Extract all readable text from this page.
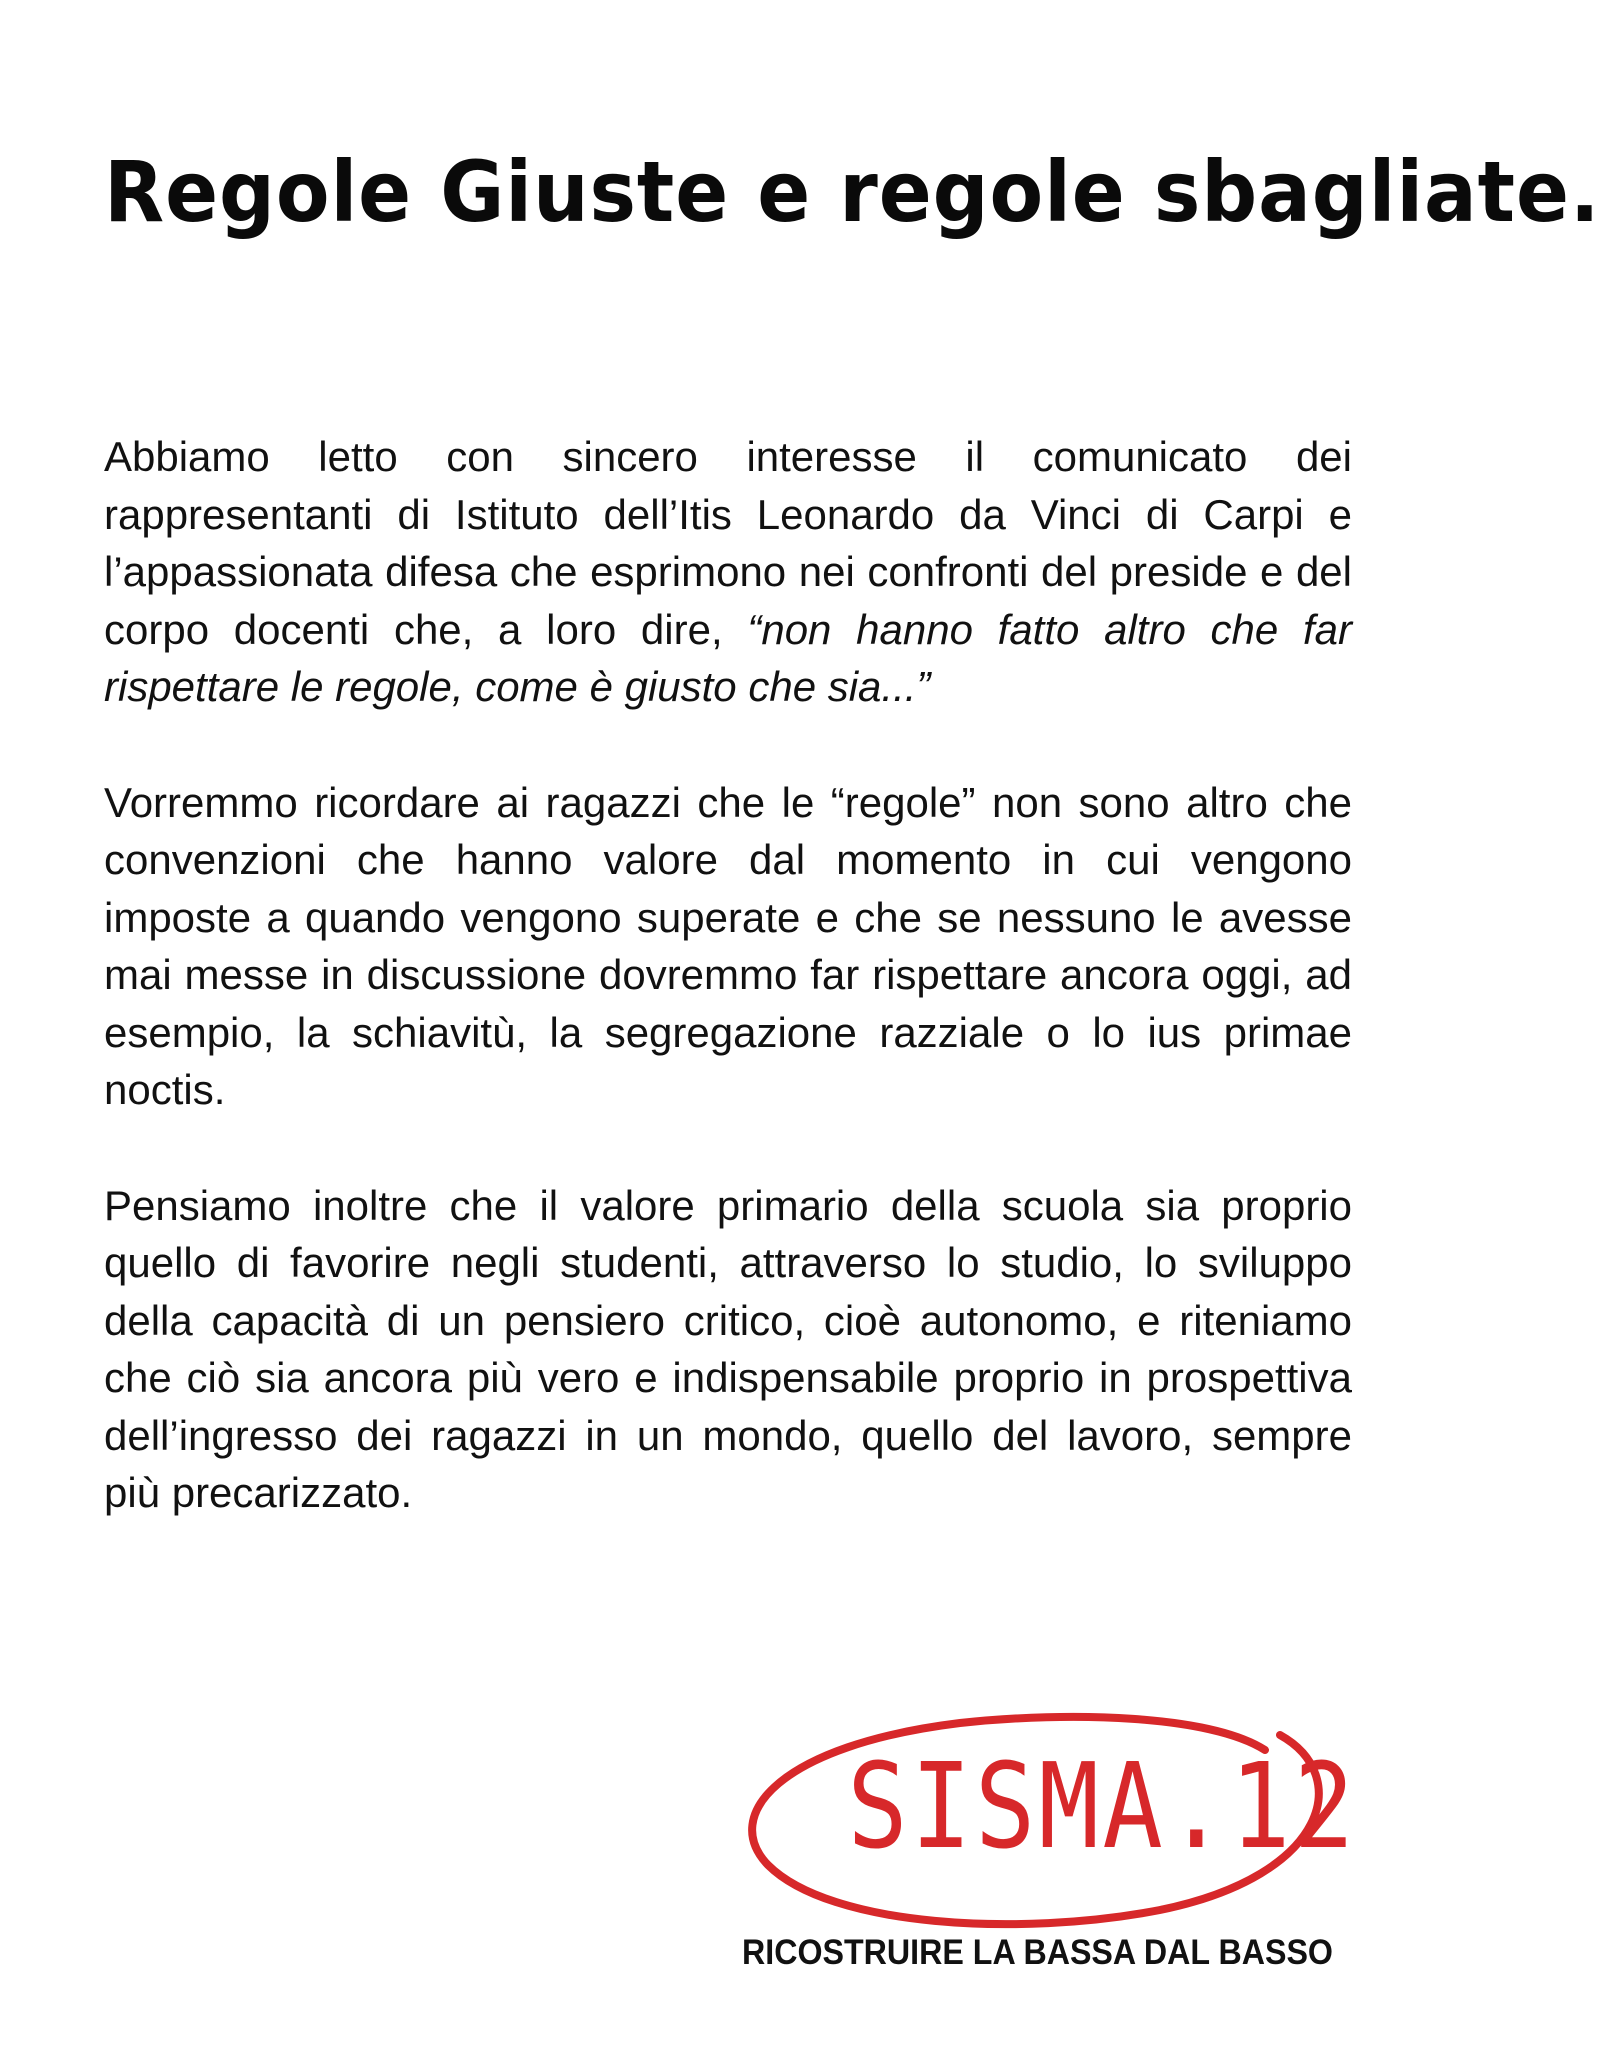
Regole Giuste e regole sbagliate.

Abbiamo letto con sincero interesse il comunicato dei rappresentanti di Istituto dell’Itis Leonardo da Vinci di Carpi e l’appassionata difesa che esprimono nei confronti del preside e del corpo docenti che, a loro dire, “non hanno fatto altro che far rispettare le regole, come è giusto che sia...”

Vorremmo ricordare ai ragazzi che le “regole” non sono altro che convenzioni che hanno valore dal momento in cui vengono imposte a quando vengono superate e che se nessuno le avesse mai messe in discussione dovremmo far rispettare ancora oggi, ad esempio, la schiavitù, la segregazione razziale o lo ius primae noctis.

Pensiamo inoltre che il valore primario della scuola sia proprio quello di favorire negli studenti, attraverso lo studio, lo sviluppo della capacità di un pensiero critico, cioè autonomo, e riteniamo che ciò sia ancora più vero e indispensabile proprio in prospettiva dell’ingresso dei ragazzi in un mondo, quello del lavoro, sempre più precarizzato.

SISMA.12

RICOSTRUIRE LA BASSA DAL BASSO
